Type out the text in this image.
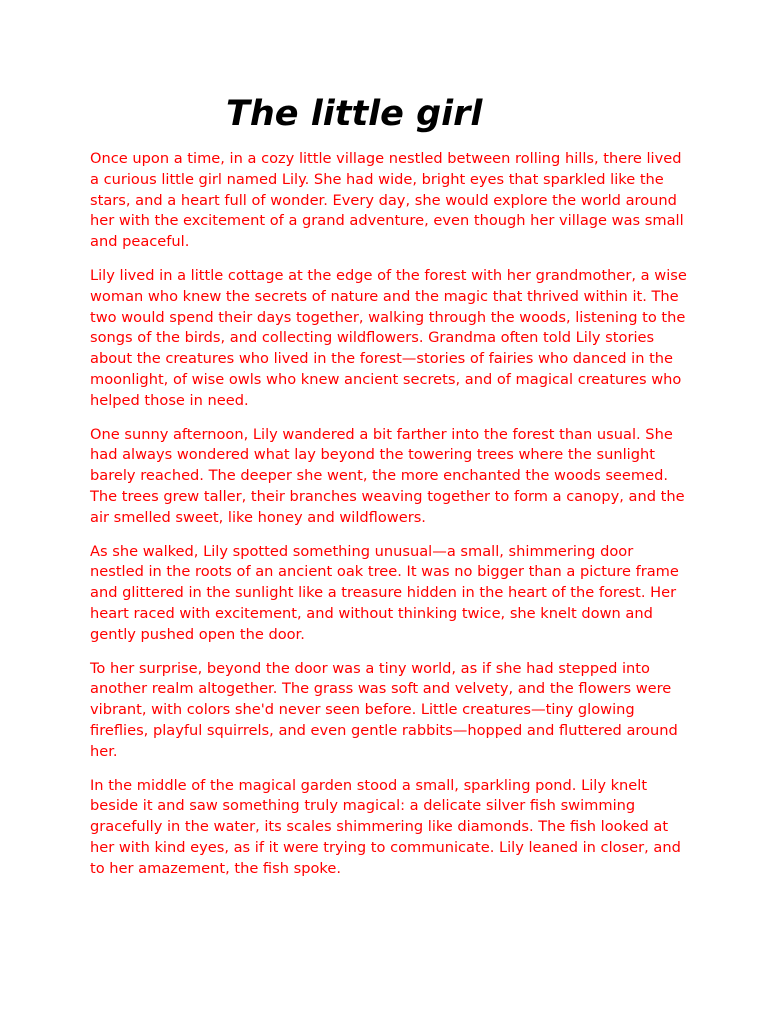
The little girl

Once upon a time, in a cozy little village nestled between rolling hills, there lived a curious little girl named Lily. She had wide, bright eyes that sparkled like the stars, and a heart full of wonder. Every day, she would explore the world around her with the excitement of a grand adventure, even though her village was small and peaceful.

Lily lived in a little cottage at the edge of the forest with her grandmother, a wise woman who knew the secrets of nature and the magic that thrived within it. The two would spend their days together, walking through the woods, listening to the songs of the birds, and collecting wildflowers. Grandma often told Lily stories about the creatures who lived in the forest—stories of fairies who danced in the moonlight, of wise owls who knew ancient secrets, and of magical creatures who helped those in need.

One sunny afternoon, Lily wandered a bit farther into the forest than usual. She had always wondered what lay beyond the towering trees where the sunlight barely reached. The deeper she went, the more enchanted the woods seemed. The trees grew taller, their branches weaving together to form a canopy, and the air smelled sweet, like honey and wildflowers.

As she walked, Lily spotted something unusual—a small, shimmering door nestled in the roots of an ancient oak tree. It was no bigger than a picture frame and glittered in the sunlight like a treasure hidden in the heart of the forest. Her heart raced with excitement, and without thinking twice, she knelt down and gently pushed open the door.

To her surprise, beyond the door was a tiny world, as if she had stepped into another realm altogether. The grass was soft and velvety, and the flowers were vibrant, with colors she'd never seen before. Little creatures—tiny glowing fireflies, playful squirrels, and even gentle rabbits—hopped and fluttered around her.

In the middle of the magical garden stood a small, sparkling pond. Lily knelt beside it and saw something truly magical: a delicate silver fish swimming gracefully in the water, its scales shimmering like diamonds. The fish looked at her with kind eyes, as if it were trying to communicate. Lily leaned in closer, and to her amazement, the fish spoke.
